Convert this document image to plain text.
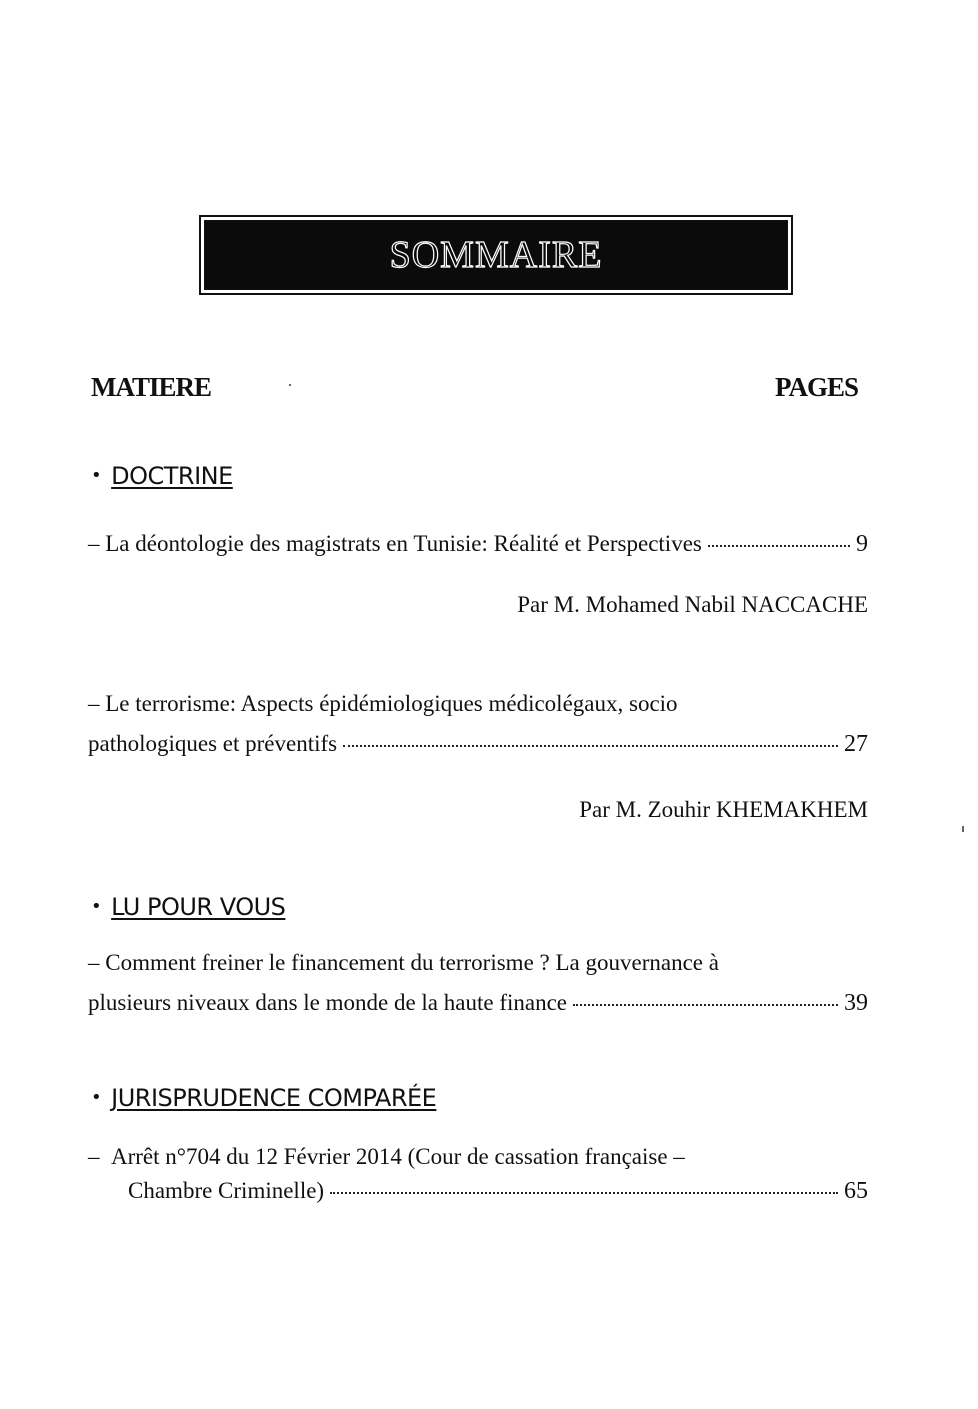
SOMMAIRE
MATIERE	PAGES
• DOCTRINE
–
La déontologie des magistrats en Tunisie: Réalité et Perspectives	9
Par M. Mohamed Nabil NACCACHE
– Le terrorisme: Aspects épidémiologiques médicolégaux, socio
pathologiques et préventifs	27
Par M. Zouhir KHEMAKHEM
• LU POUR VOUS
– Comment freiner le financement du terrorisme ? La gouvernance à
plusieurs niveaux dans le monde de la haute finance	39
• JURISPRUDENCE COMPARÉE
– Arrêt n°704 du 12 Février 2014 (Cour de cassation française –
Chambre Criminelle)	65
